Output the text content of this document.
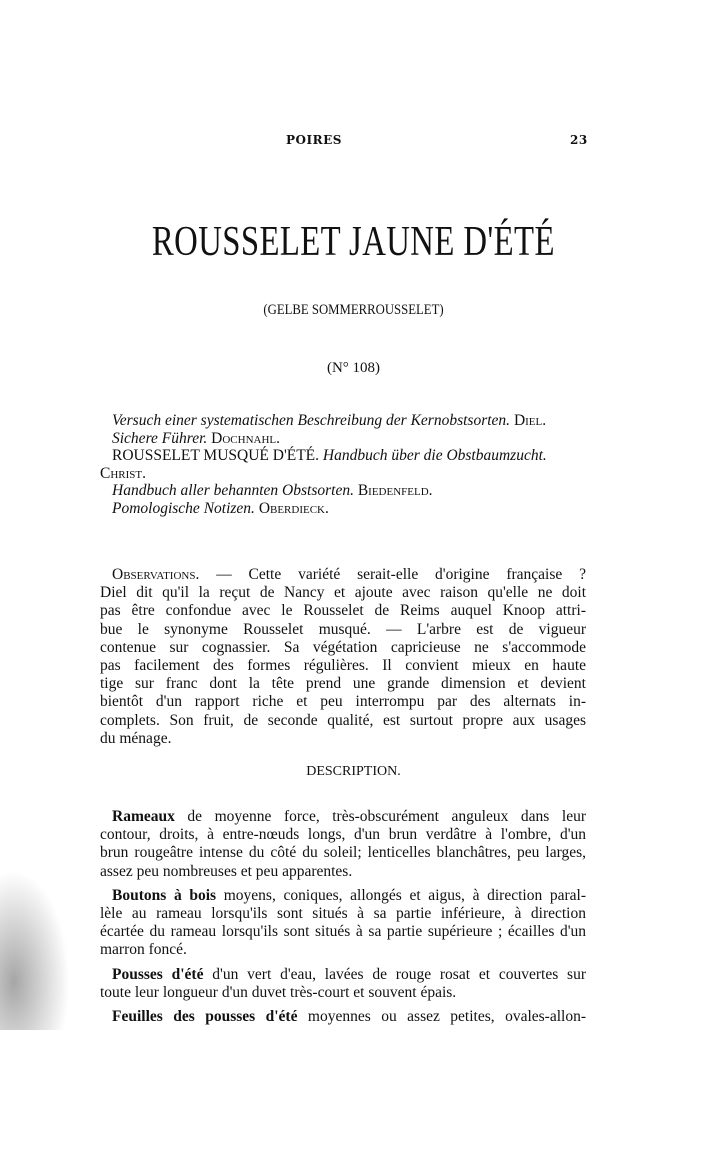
POIRES	23
ROUSSELET JAUNE D'ÉTÉ
(GELBE SOMMERROUSSELET)
(N° 108)
Versuch einer systematischen Beschreibung der Kernobstsorten. Diel.
Sichere Führer. Dochnahl.
ROUSSELET MUSQUÉ D'ÉTÉ. Handbuch über die Obstbaumzucht.
Christ.
Handbuch aller behannten Obstsorten. Biedenfeld.
Pomologische Notizen. Oberdieck.
Observations. — Cette variété serait-elle d'origine française ?
Diel dit qu'il la reçut de Nancy et ajoute avec raison qu'elle ne doit
pas être confondue avec le Rousselet de Reims auquel Knoop attri-
bue le synonyme Rousselet musqué. — L'arbre est de vigueur
contenue sur cognassier. Sa végétation capricieuse ne s'accommode
pas facilement des formes régulières. Il convient mieux en haute
tige sur franc dont la tête prend une grande dimension et devient
bientôt d'un rapport riche et peu interrompu par des alternats in-
complets. Son fruit, de seconde qualité, est surtout propre aux usages
du ménage.
DESCRIPTION.
Rameaux de moyenne force, très-obscurément anguleux dans leur
contour, droits, à entre-nœuds longs, d'un brun verdâtre à l'ombre, d'un
brun rougeâtre intense du côté du soleil; lenticelles blanchâtres, peu larges,
assez peu nombreuses et peu apparentes.
Boutons à bois moyens, coniques, allongés et aigus, à direction paral-
lèle au rameau lorsqu'ils sont situés à sa partie inférieure, à direction
écartée du rameau lorsqu'ils sont situés à sa partie supérieure ; écailles d'un
marron foncé.
Pousses d'été d'un vert d'eau, lavées de rouge rosat et couvertes sur
toute leur longueur d'un duvet très-court et souvent épais.
Feuilles des pousses d'été moyennes ou assez petites, ovales-allon-
